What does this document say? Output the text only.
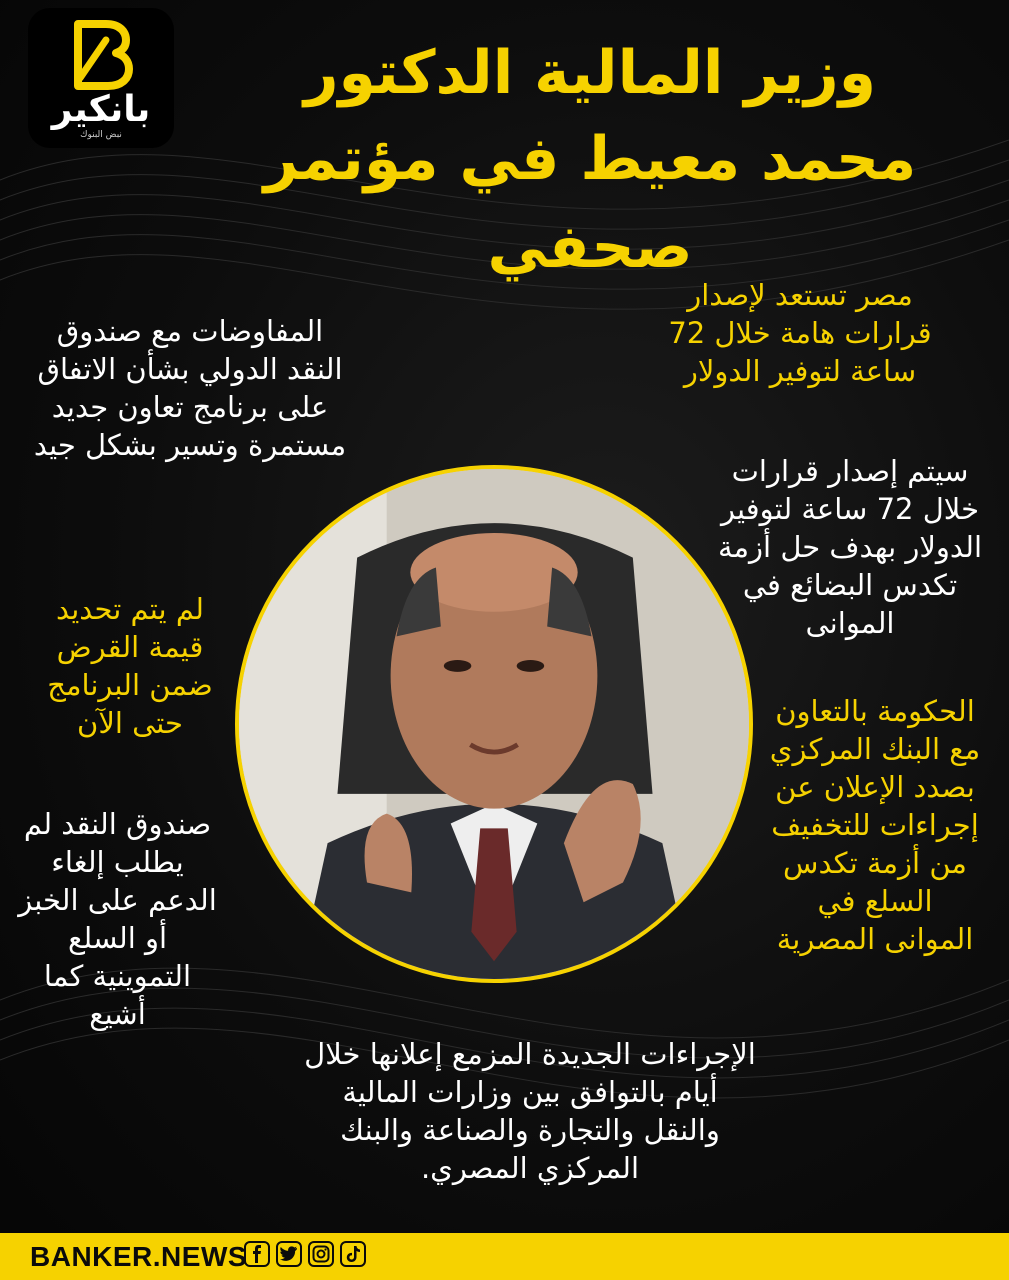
بانكير
نبض البنوك
وزير المالية الدكتور
محمد معيط في مؤتمر
صحفي
مصر تستعد لإصدار
قرارات هامة خلال 72
ساعة لتوفير الدولار
المفاوضات مع صندوق
النقد الدولي بشأن الاتفاق
على برنامج تعاون جديد
مستمرة وتسير بشكل جيد
سيتم إصدار قرارات
خلال 72 ساعة لتوفير
الدولار بهدف حل أزمة
تكدس البضائع في
الموانى
لم يتم تحديد
قيمة القرض
ضمن البرنامج
حتى الآن	الحكومة بالتعاون
مع البنك المركزي
بصدد الإعلان عن
إجراءات للتخفيف
من أزمة تكدس
السلع في
الموانى المصرية
صندوق النقد لم
يطلب إلغاء
الدعم على الخبز
أو السلع
التموينية كما
أشيع
الإجراءات الجديدة المزمع إعلانها خلال
أيام بالتوافق بين وزارات المالية
والنقل والتجارة والصناعة والبنك
المركزي المصري.
BANKER.NEWS
